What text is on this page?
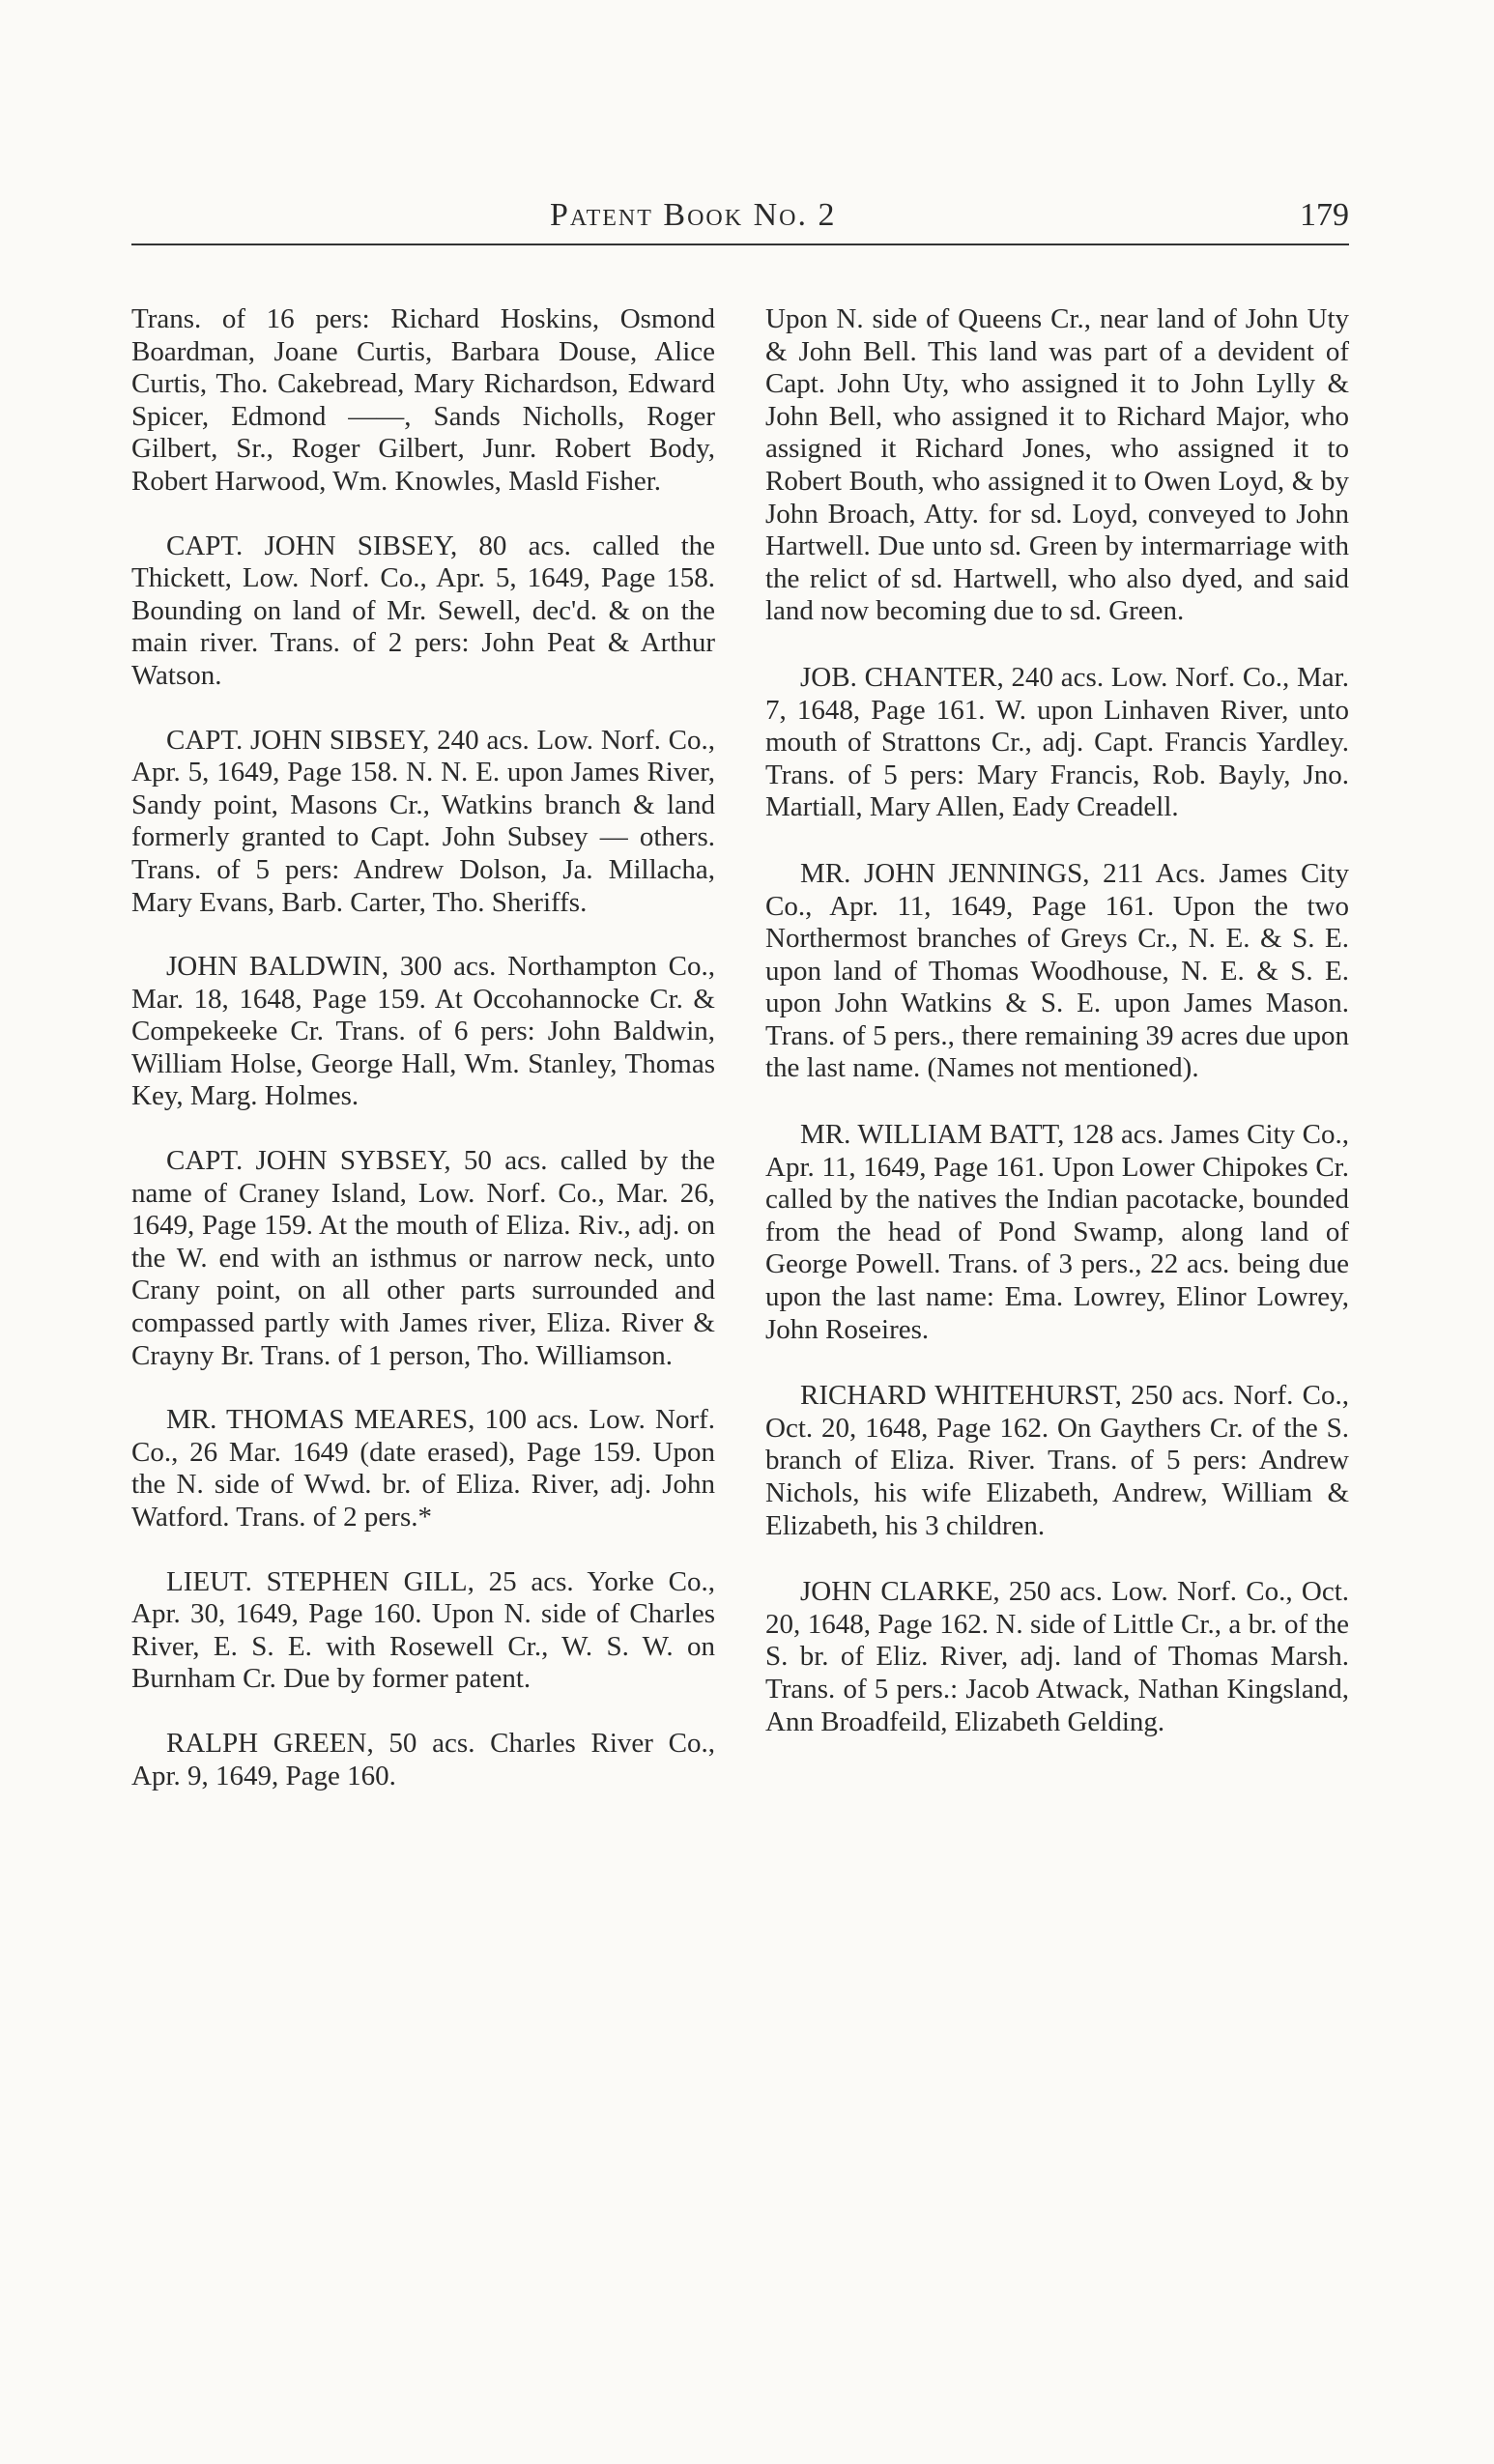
Patent Book No. 2	179

Trans. of 16 pers: Richard Hoskins, Osmond Boardman, Joane Curtis, Barbara Douse, Alice Curtis, Tho. Cakebread, Mary Richardson, Edward Spicer, Edmond ——, Sands Nicholls, Roger Gilbert, Sr., Roger Gilbert, Junr. Robert Body, Robert Harwood, Wm. Knowles, Masld Fisher.

CAPT. JOHN SIBSEY, 80 acs. called the Thickett, Low. Norf. Co., Apr. 5, 1649, Page 158. Bounding on land of Mr. Sewell, dec'd. & on the main river. Trans. of 2 pers: John Peat & Arthur Watson.

CAPT. JOHN SIBSEY, 240 acs. Low. Norf. Co., Apr. 5, 1649, Page 158. N. N. E. upon James River, Sandy point, Masons Cr., Watkins branch & land formerly granted to Capt. John Subsey — others. Trans. of 5 pers: Andrew Dolson, Ja. Millacha, Mary Evans, Barb. Carter, Tho. Sheriffs.

JOHN BALDWIN, 300 acs. Northampton Co., Mar. 18, 1648, Page 159. At Occohannocke Cr. & Compekeeke Cr. Trans. of 6 pers: John Baldwin, William Holse, George Hall, Wm. Stanley, Thomas Key, Marg. Holmes.

CAPT. JOHN SYBSEY, 50 acs. called by the name of Craney Island, Low. Norf. Co., Mar. 26, 1649, Page 159. At the mouth of Eliza. Riv., adj. on the W. end with an isthmus or narrow neck, unto Crany point, on all other parts surrounded and compassed partly with James river, Eliza. River & Crayny Br. Trans. of 1 person, Tho. Williamson.

MR. THOMAS MEARES, 100 acs. Low. Norf. Co., 26 Mar. 1649 (date erased), Page 159. Upon the N. side of Wwd. br. of Eliza. River, adj. John Watford. Trans. of 2 pers.*

LIEUT. STEPHEN GILL, 25 acs. Yorke Co., Apr. 30, 1649, Page 160. Upon N. side of Charles River, E. S. E. with Rosewell Cr., W. S. W. on Burnham Cr. Due by former patent.

RALPH GREEN, 50 acs. Charles River Co., Apr. 9, 1649, Page 160.

Upon N. side of Queens Cr., near land of John Uty & John Bell. This land was part of a devident of Capt. John Uty, who assigned it to John Lylly & John Bell, who assigned it to Richard Major, who assigned it Richard Jones, who assigned it to Robert Bouth, who assigned it to Owen Loyd, & by John Broach, Atty. for sd. Loyd, conveyed to John Hartwell. Due unto sd. Green by intermarriage with the relict of sd. Hartwell, who also dyed, and said land now becoming due to sd. Green.

JOB. CHANTER, 240 acs. Low. Norf. Co., Mar. 7, 1648, Page 161. W. upon Linhaven River, unto mouth of Strattons Cr., adj. Capt. Francis Yardley. Trans. of 5 pers: Mary Francis, Rob. Bayly, Jno. Martiall, Mary Allen, Eady Creadell.

MR. JOHN JENNINGS, 211 Acs. James City Co., Apr. 11, 1649, Page 161. Upon the two Northermost branches of Greys Cr., N. E. & S. E. upon land of Thomas Woodhouse, N. E. & S. E. upon John Watkins & S. E. upon James Mason. Trans. of 5 pers., there remaining 39 acres due upon the last name. (Names not mentioned).

MR. WILLIAM BATT, 128 acs. James City Co., Apr. 11, 1649, Page 161. Upon Lower Chipokes Cr. called by the natives the Indian pacotacke, bounded from the head of Pond Swamp, along land of George Powell. Trans. of 3 pers., 22 acs. being due upon the last name: Ema. Lowrey, Elinor Lowrey, John Roseires.

RICHARD WHITEHURST, 250 acs. Norf. Co., Oct. 20, 1648, Page 162. On Gaythers Cr. of the S. branch of Eliza. River. Trans. of 5 pers: Andrew Nichols, his wife Elizabeth, Andrew, William & Elizabeth, his 3 children.

JOHN CLARKE, 250 acs. Low. Norf. Co., Oct. 20, 1648, Page 162. N. side of Little Cr., a br. of the S. br. of Eliz. River, adj. land of Thomas Marsh. Trans. of 5 pers.: Jacob Atwack, Nathan Kingsland, Ann Broadfeild, Elizabeth Gelding.
